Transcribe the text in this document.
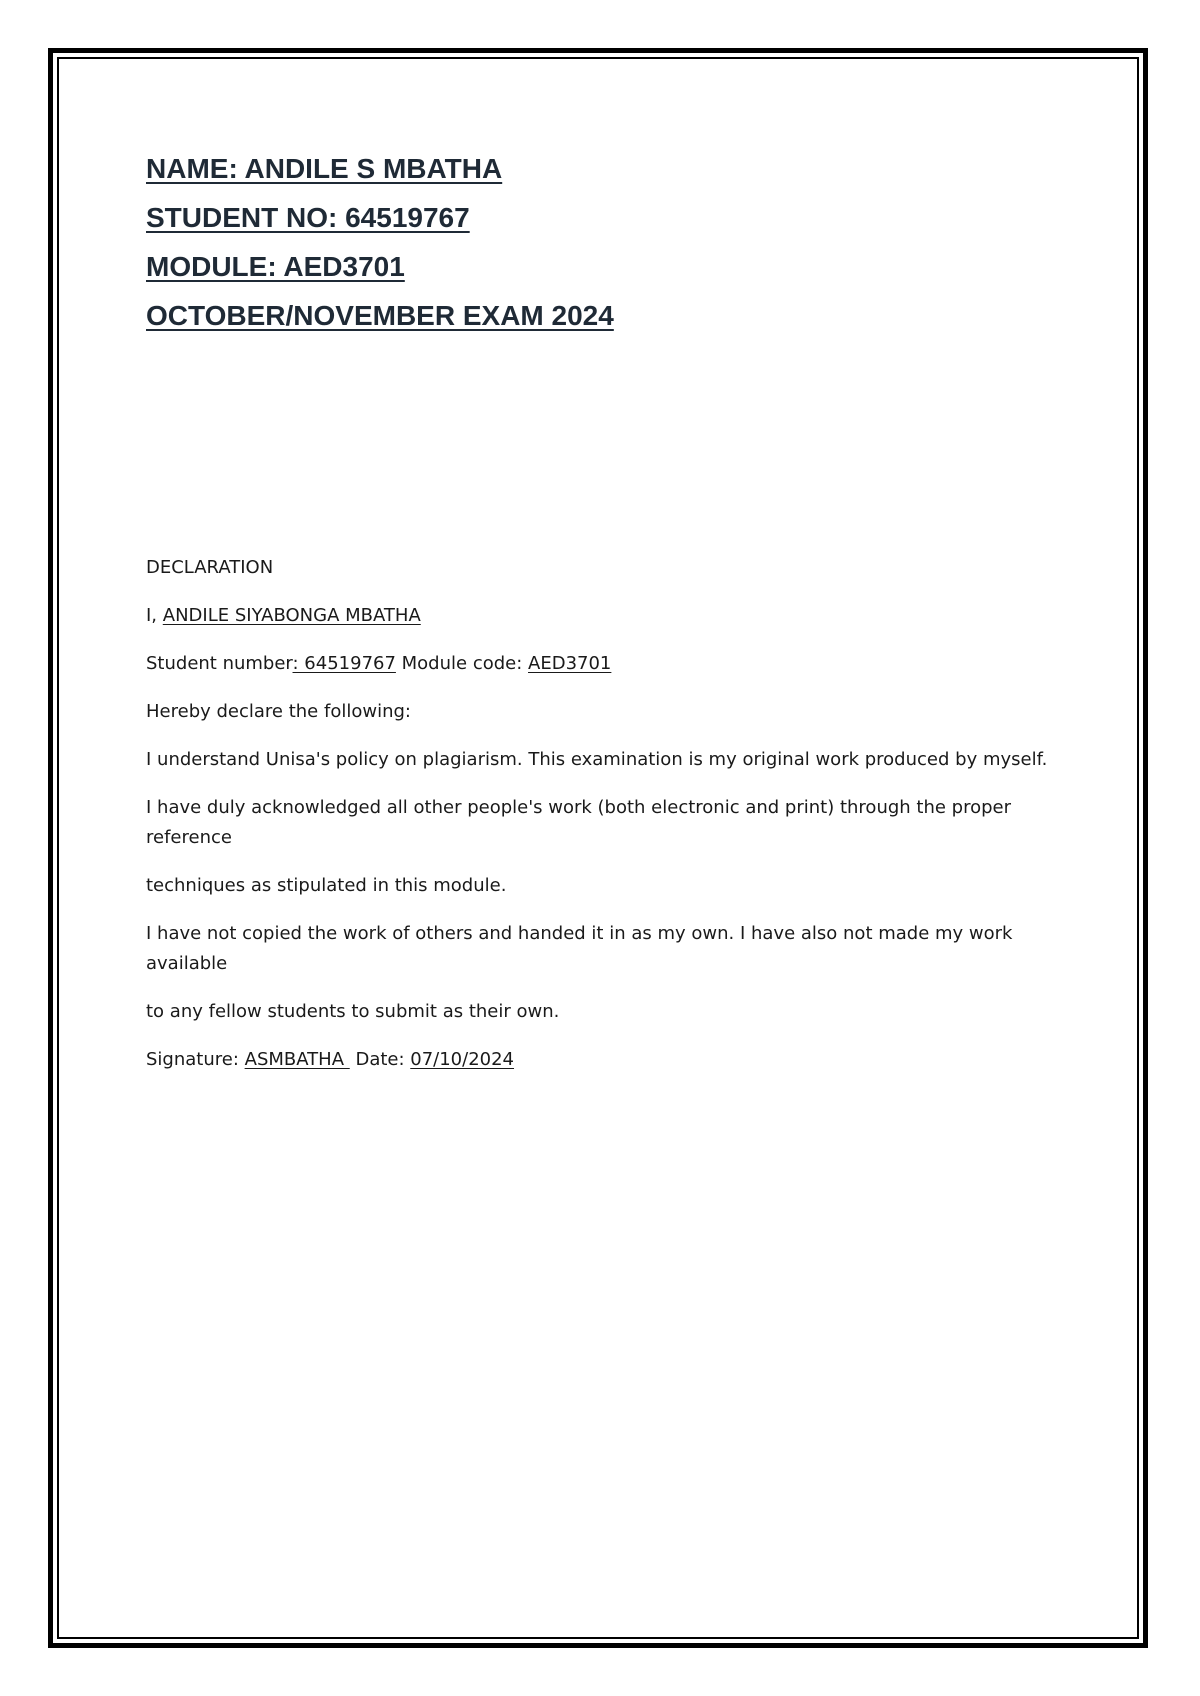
NAME: ANDILE S MBATHA

STUDENT NO: 64519767

MODULE: AED3701

OCTOBER/NOVEMBER EXAM 2024

DECLARATION

I, ANDILE SIYABONGA MBATHA

Student number: 64519767 Module code: AED3701

Hereby declare the following:

I understand Unisa's policy on plagiarism. This examination is my original work produced by myself.

I have duly acknowledged all other people's work (both electronic and print) through the proper reference

techniques as stipulated in this module.

I have not copied the work of others and handed it in as my own. I have also not made my work available

to any fellow students to submit as their own.

Signature: ASMBATHA  Date: 07/10/2024
